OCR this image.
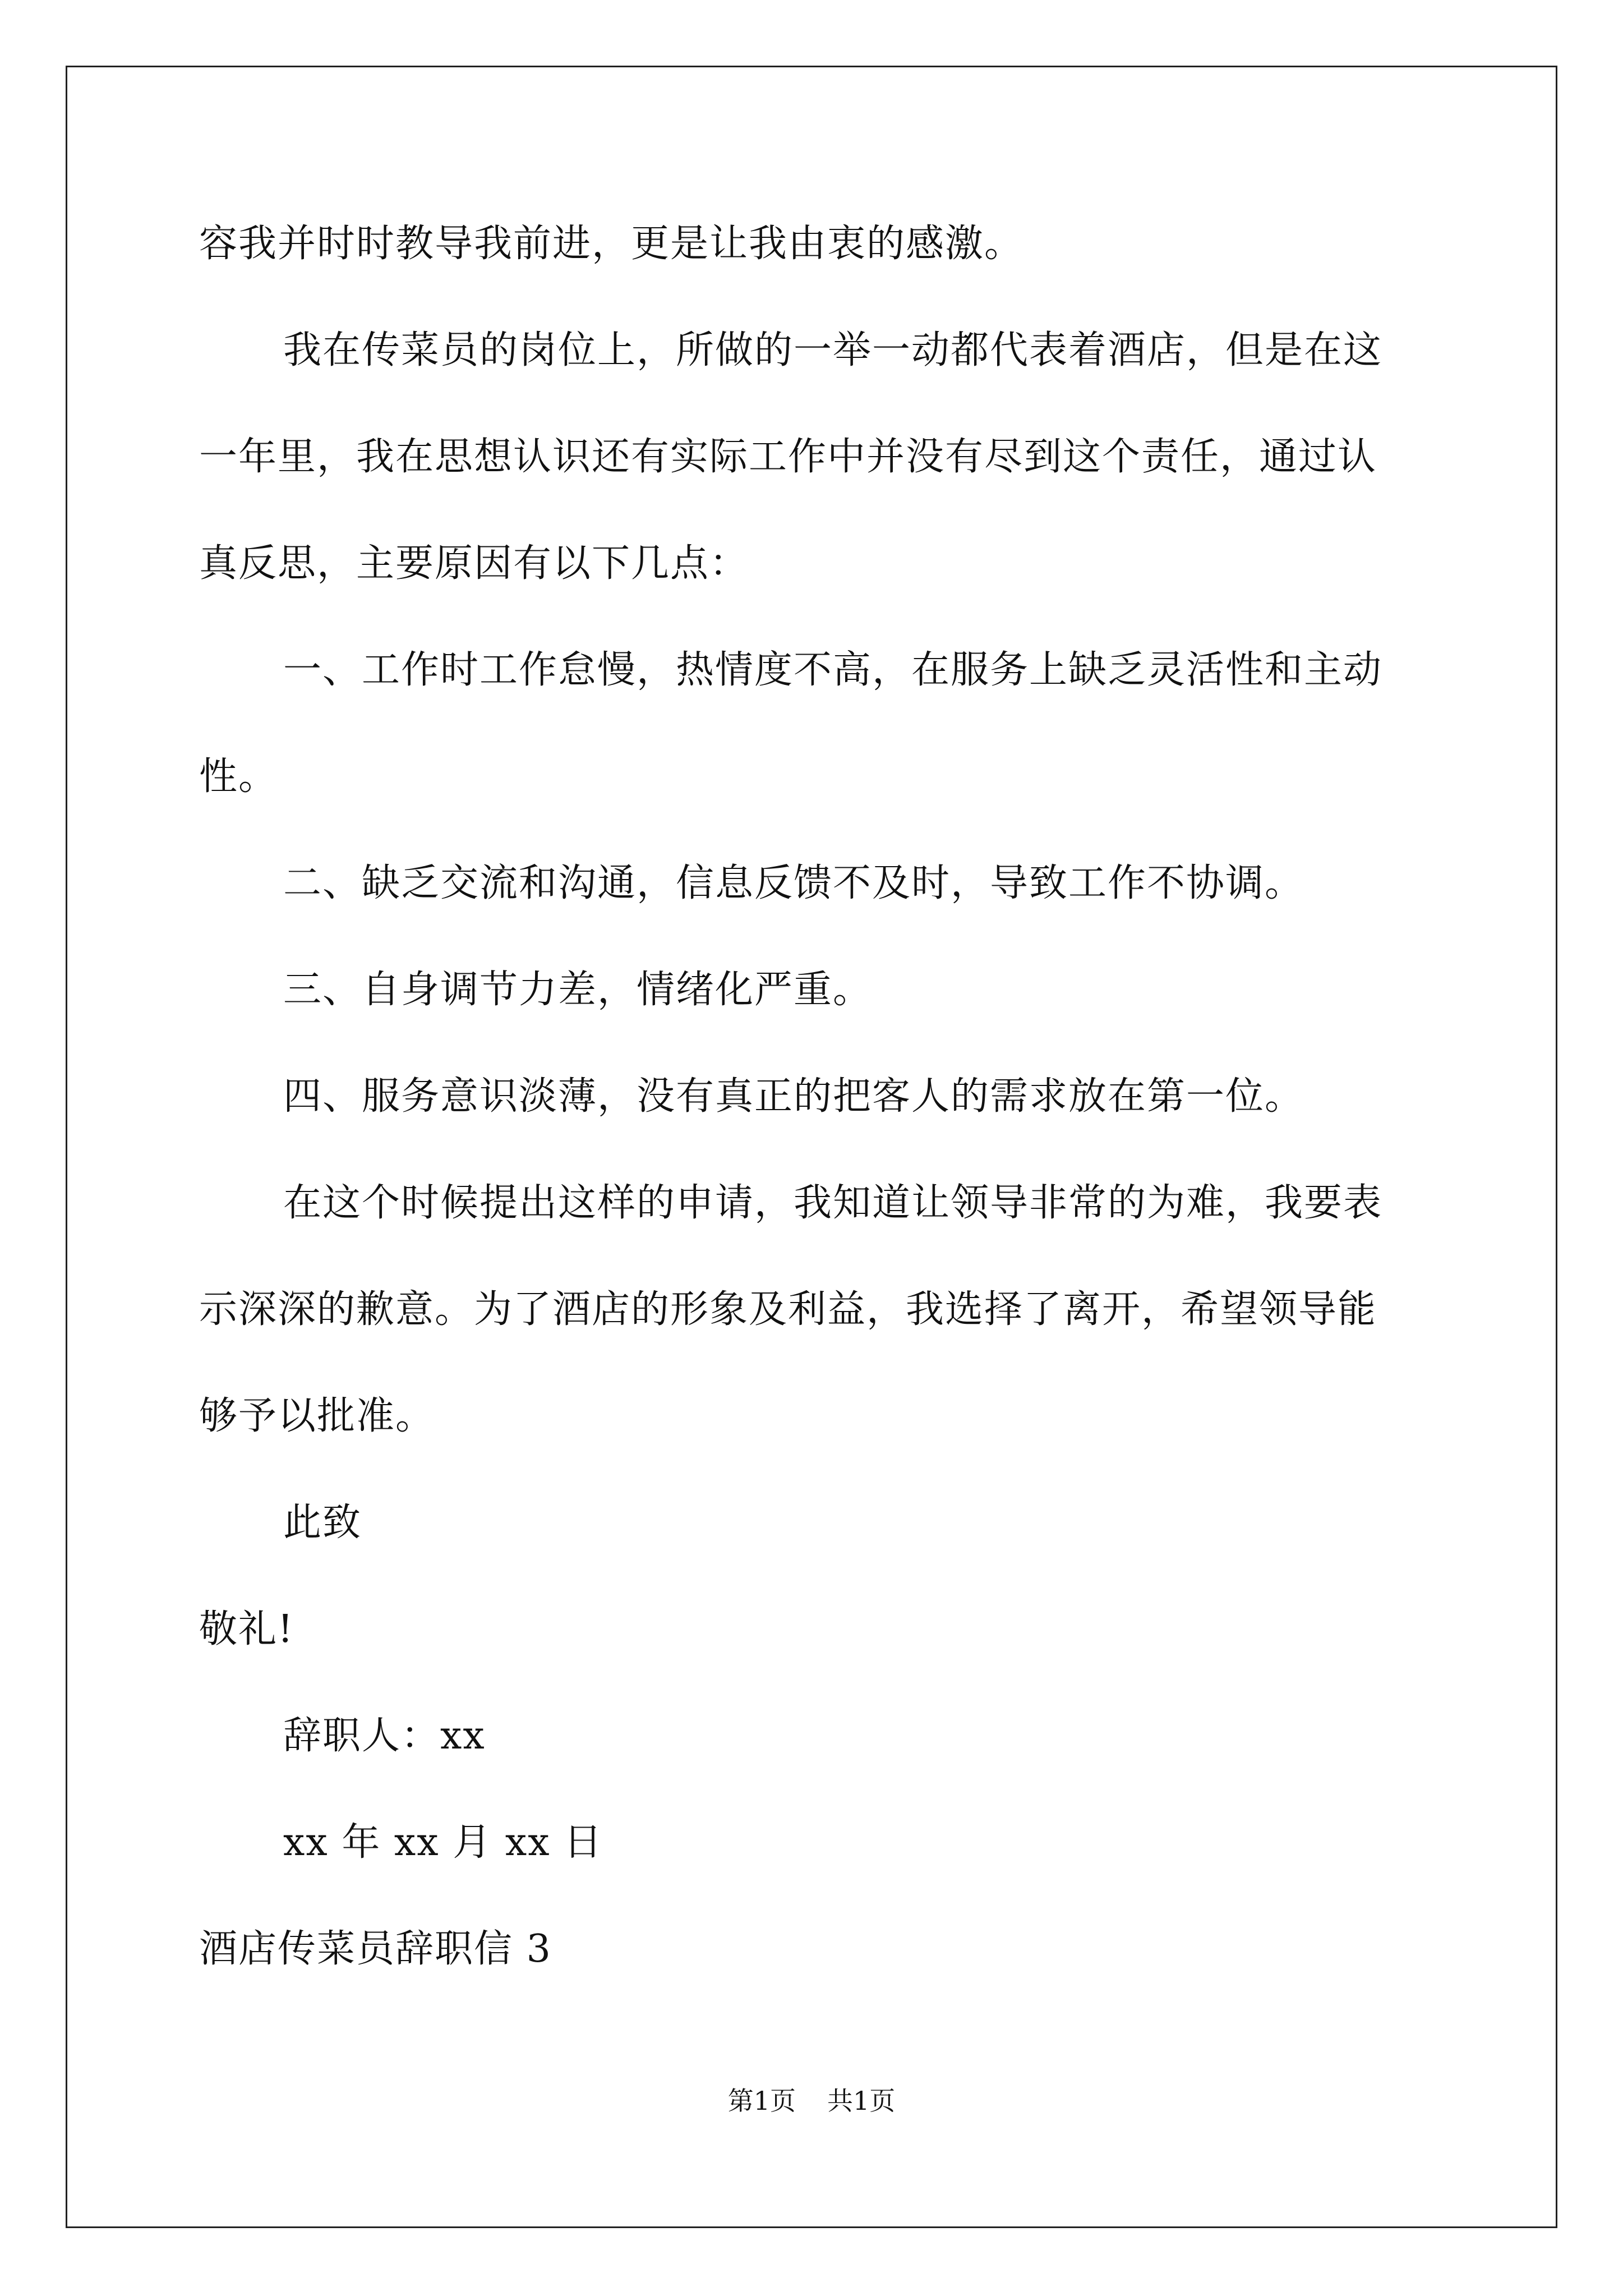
容我并时时教导我前进，更是让我由衷的感激。
我在传菜员的岗位上，所做的一举一动都代表着酒店，但是在这
一年里，我在思想认识还有实际工作中并没有尽到这个责任，通过认
真反思，主要原因有以下几点：
一、工作时工作怠慢，热情度不高，在服务上缺乏灵活性和主动
性。
二、缺乏交流和沟通，信息反馈不及时，导致工作不协调。
三、自身调节力差，情绪化严重。
四、服务意识淡薄，没有真正的把客人的需求放在第一位。
在这个时候提出这样的申请，我知道让领导非常的为难，我要表
示深深的歉意。为了酒店的形象及利益，我选择了离开，希望领导能
够予以批准。
此致
敬礼!
辞职人：xx
xx 年 xx 月 xx 日
酒店传菜员辞职信 3
第1页 共1页
